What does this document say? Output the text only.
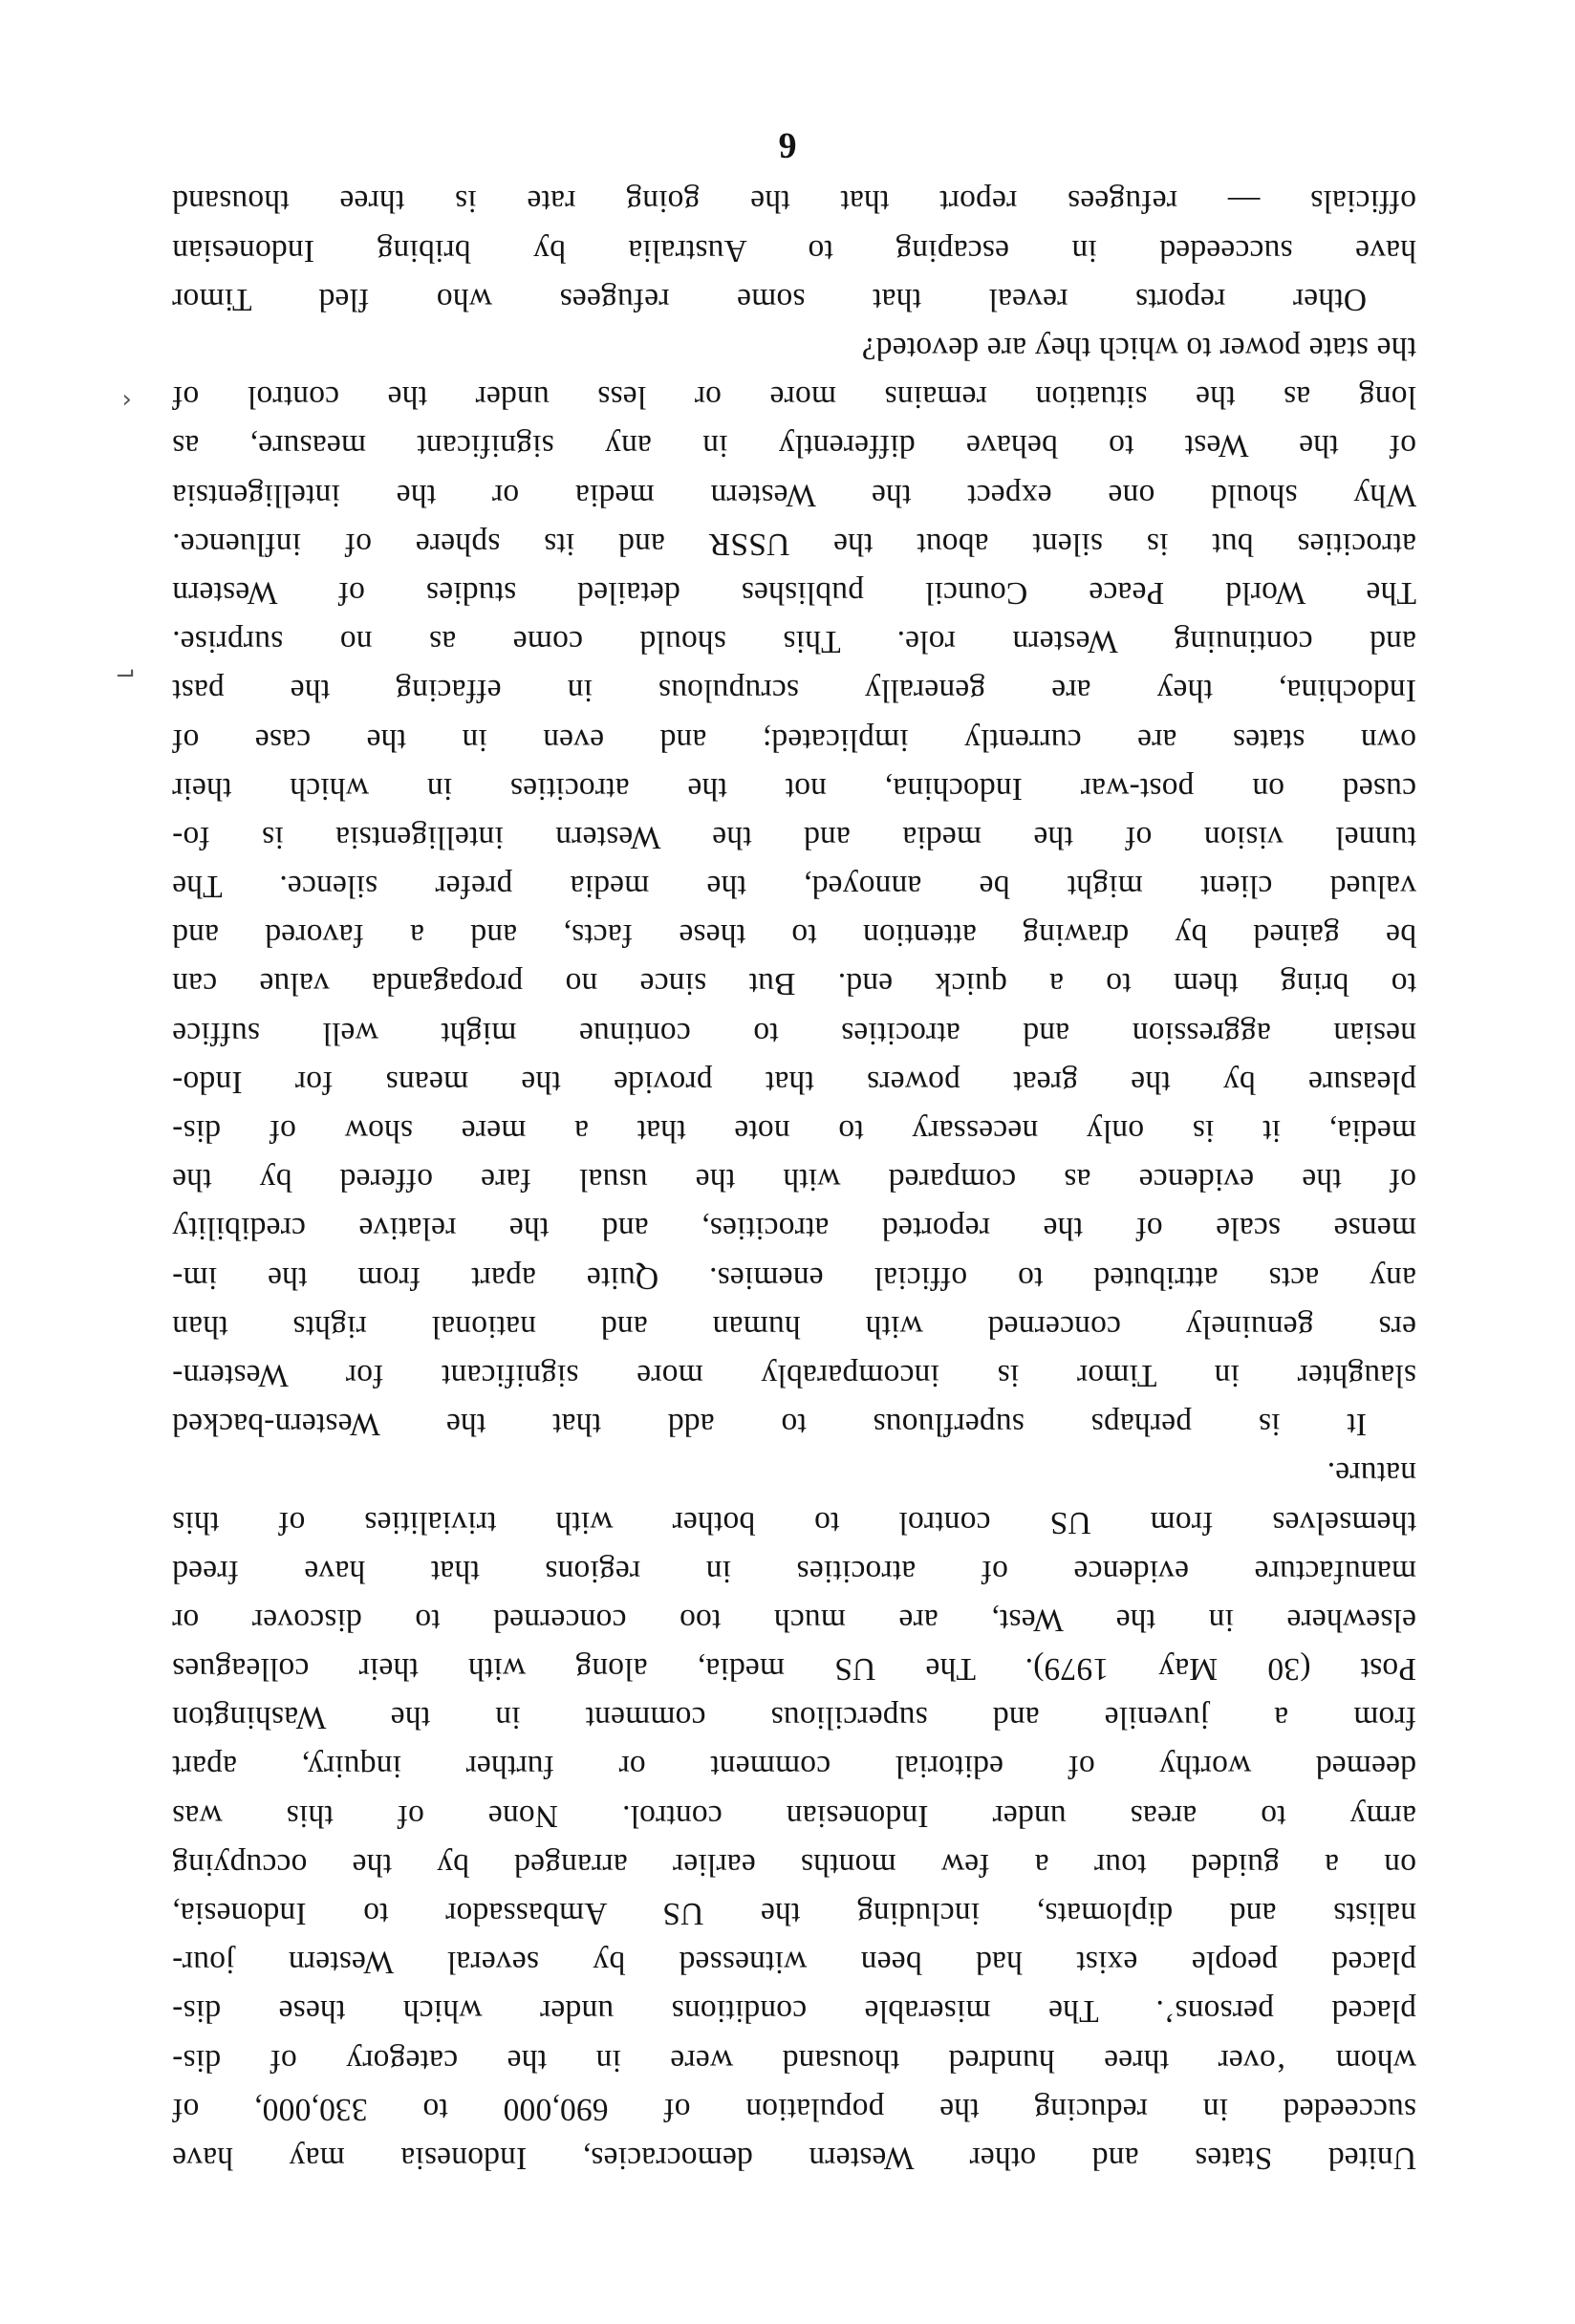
United States and other Western democracies, Indonesia may have
succeeded in reducing the population of 690,000 to 330,000, of
whom ‘over three hundred thousand were in the category of dis-
placed persons’. The miserable conditions under which these dis-
placed people exist had been witnessed by several Western jour-
nalists and diplomats, including the US Ambassador to Indonesia,
on a guided tour a few months earlier arranged by the occupying
army to areas under Indonesian control. None of this was
deemed worthy of editorial comment or further inquiry, apart
from a juvenile and supercilious comment in the Washington
Post (30 May 1979). The US media, along with their colleagues
elsewhere in the West, are much too concerned to discover or
manufacture evidence of atrocities in regions that have freed
themselves from US control to bother with trivialities of this
nature.
It is perhaps superfluous to add that the Western-backed
slaughter in Timor is incomparably more significant for Western-
ers genuinely concerned with human and national rights than
any acts attributed to official enemies. Quite apart from the im-
mense scale of the reported atrocities, and the relative credibility
of the evidence as compared with the usual fare offered by the
media, it is only necessary to note that a mere show of dis-
pleasure by the great powers that provide the means for Indo-
nesian aggression and atrocities to continue might well suffice
to bring them to a quick end. But since no propaganda value can
be gained by drawing attention to these facts, and a favored and
valued client might be annoyed, the media prefer silence. The
tunnel vision of the media and the Western intelligentsia is fo-
cused on post-war Indochina, not the atrocities in which their
own states are currently implicated; and even in the case of
Indochina, they are generally scrupulous in effacing the past
and continuing Western role. This should come as no surprise.
The World Peace Council publishes detailed studies of Western
atrocities but is silent about the USSR and its sphere of influence.
Why should one expect the Western media or the intelligentsia
of the West to behave differently in any significant measure, as
long as the situation remains more or less under the control of
the state power to which they are devoted?
Other reports reveal that some refugees who fled Timor
have succeeded in escaping to Australia by bribing Indonesian
officials — refugees report that the going rate is three thousand
6
⌐
‹
